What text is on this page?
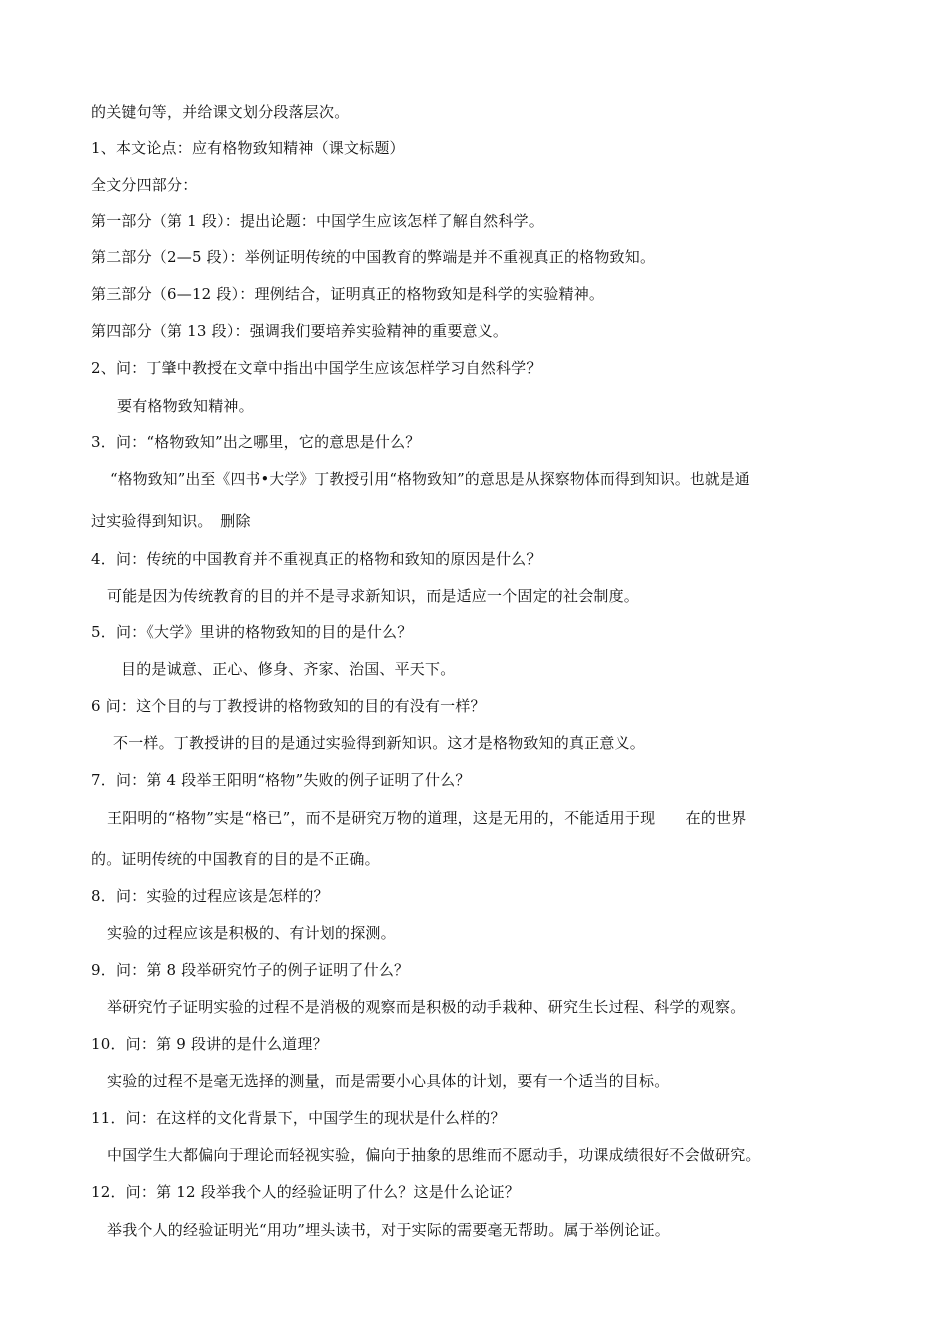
的关键句等，并给课文划分段落层次。
1、本文论点：应有格物致知精神（课文标题）
全文分四部分：
第一部分（第 1 段）：提出论题：中国学生应该怎样了解自然科学。
第二部分（2—5 段）：举例证明传统的中国教育的弊端是并不重视真正的格物致知。
第三部分（6—12 段）：理例结合，证明真正的格物致知是科学的实验精神。
第四部分（第 13 段）：强调我们要培养实验精神的重要意义。
2、问：丁肇中教授在文章中指出中国学生应该怎样学习自然科学？
要有格物致知精神。
3．问：“格物致知”出之哪里，它的意思是什么？
“格物致知”出至《四书•大学》丁教授引用“格物致知”的意思是从探察物体而得到知识。也就是通
过实验得到知识。　删除
4．问：传统的中国教育并不重视真正的格物和致知的原因是什么？
可能是因为传统教育的目的并不是寻求新知识，而是适应一个固定的社会制度。
5．问：《大学》里讲的格物致知的目的是什么？
目的是诚意、正心、修身、齐家、治国、平天下。
6 问：这个目的与丁教授讲的格物致知的目的有没有一样？
不一样。丁教授讲的目的是通过实验得到新知识。这才是格物致知的真正意义。
7．问：第 4 段举王阳明“格物”失败的例子证明了什么？
王阳明的“格物”实是“格已”，而不是研究万物的道理，这是无用的，不能适用于现　　在的世界
的。证明传统的中国教育的目的是不正确。
8．问：实验的过程应该是怎样的？
实验的过程应该是积极的、有计划的探测。
9．问：第 8 段举研究竹子的例子证明了什么？
举研究竹子证明实验的过程不是消极的观察而是积极的动手栽种、研究生长过程、科学的观察。
10．问：第 9 段讲的是什么道理？
实验的过程不是毫无选择的测量，而是需要小心具体的计划，要有一个适当的目标。
11．问：在这样的文化背景下，中国学生的现状是什么样的？
中国学生大都偏向于理论而轻视实验，偏向于抽象的思维而不愿动手，功课成绩很好不会做研究。
12．问：第 12 段举我个人的经验证明了什么？这是什么论证？
举我个人的经验证明光“用功”埋头读书，对于实际的需要毫无帮助。属于举例论证。
